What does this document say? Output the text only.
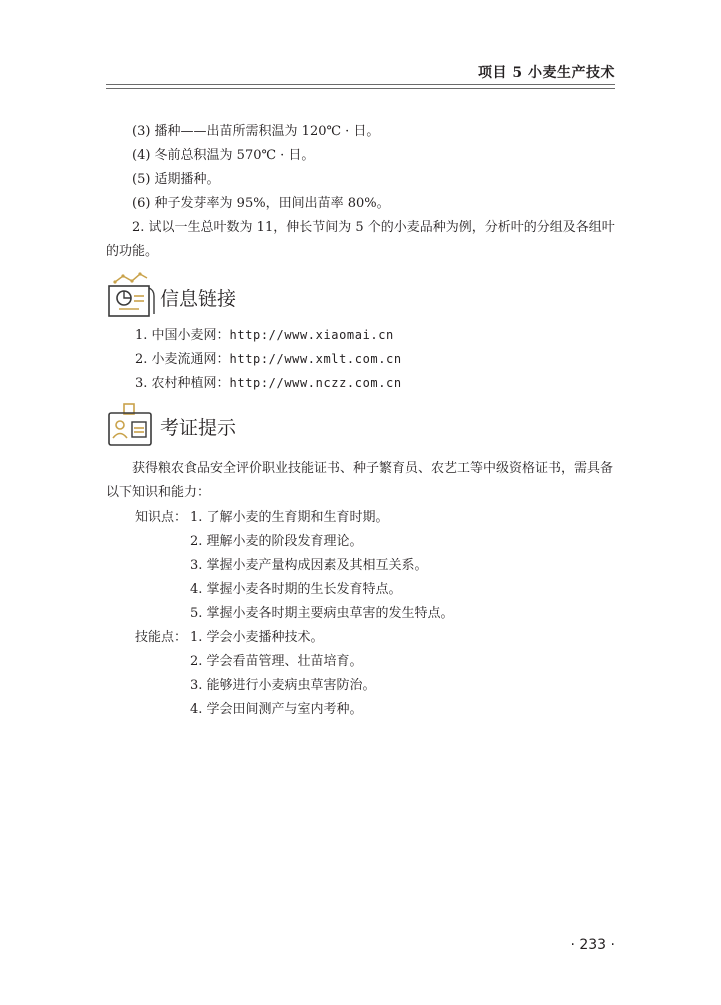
项目 5 小麦生产技术
(3) 播种——出苗所需积温为 120℃ · 日。
(4) 冬前总积温为 570℃ · 日。
(5) 适期播种。
(6) 种子发芽率为 95%，田间出苗率 80%。
2. 试以一生总叶数为 11，伸长节间为 5 个的小麦品种为例，分析叶的分组及各组叶的功能。
信息链接
1. 中国小麦网：http://www.xiaomai.cn
2. 小麦流通网：http://www.xmlt.com.cn
3. 农村种植网：http://www.nczz.com.cn
考证提示
获得粮农食品安全评价职业技能证书、种子繁育员、农艺工等中级资格证书，需具备以下知识和能力：
知识点： 1. 了解小麦的生育期和生育时期。
2. 理解小麦的阶段发育理论。
3. 掌握小麦产量构成因素及其相互关系。
4. 掌握小麦各时期的生长发育特点。
5. 掌握小麦各时期主要病虫草害的发生特点。
技能点： 1. 学会小麦播种技术。
2. 学会看苗管理、壮苗培育。
3. 能够进行小麦病虫草害防治。
4. 学会田间测产与室内考种。
· 233 ·
